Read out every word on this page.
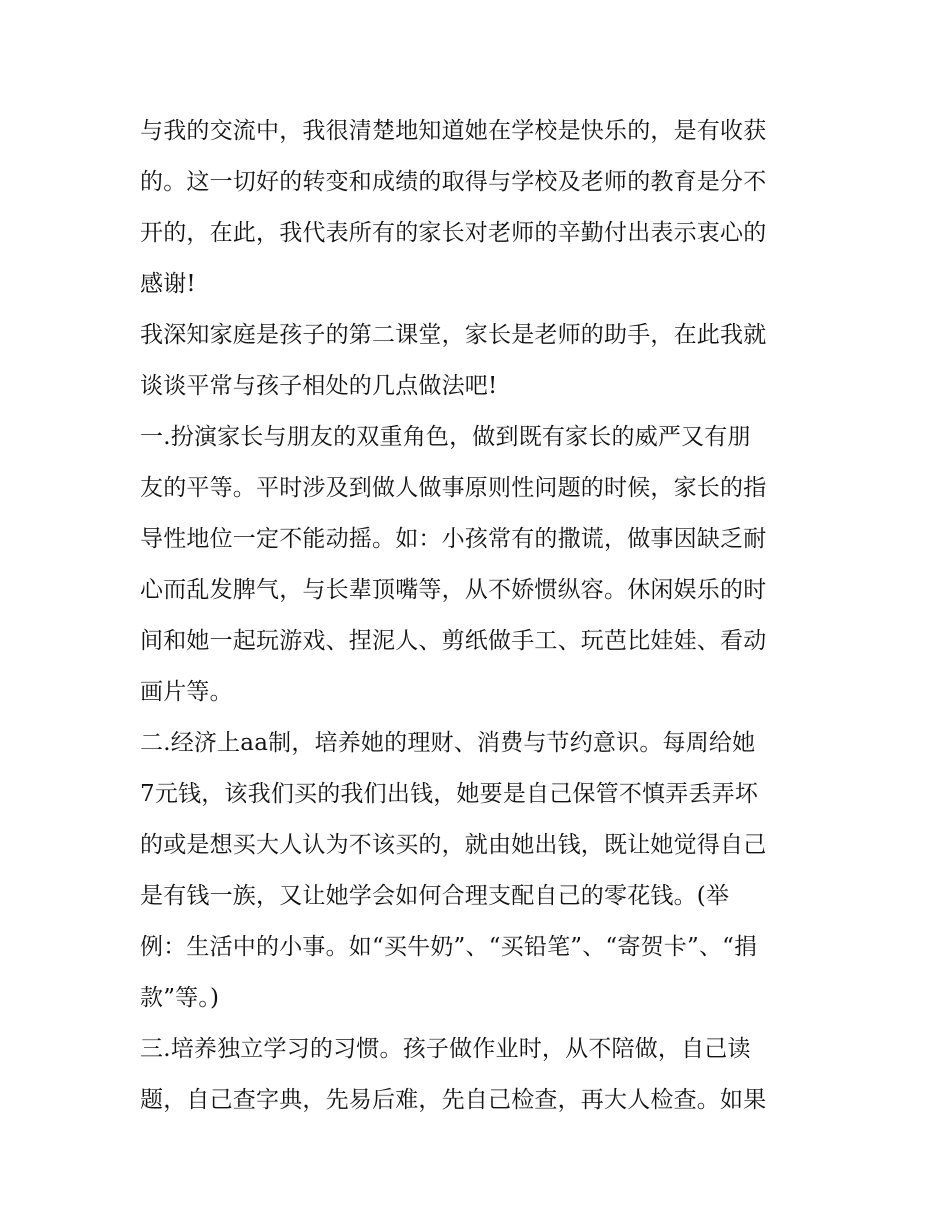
与我的交流中，我很清楚地知道她在学校是快乐的，是有收获
的。这一切好的转变和成绩的取得与学校及老师的教育是分不
开的，在此，我代表所有的家长对老师的辛勤付出表示衷心的
感谢!
我深知家庭是孩子的第二课堂，家长是老师的助手，在此我就
谈谈平常与孩子相处的几点做法吧!
一.扮演家长与朋友的双重角色，做到既有家长的威严又有朋
友的平等。平时涉及到做人做事原则性问题的时候，家长的指
导性地位一定不能动摇。如：小孩常有的撒谎，做事因缺乏耐
心而乱发脾气，与长辈顶嘴等，从不娇惯纵容。休闲娱乐的时
间和她一起玩游戏、捏泥人、剪纸做手工、玩芭比娃娃、看动
画片等。
二.经济上aa制，培养她的理财、消费与节约意识。每周给她
7元钱，该我们买的我们出钱，她要是自己保管不慎弄丢弄坏
的或是想买大人认为不该买的，就由她出钱，既让她觉得自己
是有钱一族，又让她学会如何合理支配自己的零花钱。(举
例：生活中的小事。如“买牛奶”、“买铅笔”、“寄贺卡”、“捐
款”等。)
三.培养独立学习的习惯。孩子做作业时，从不陪做，自己读
题，自己查字典，先易后难，先自己检查，再大人检查。如果
